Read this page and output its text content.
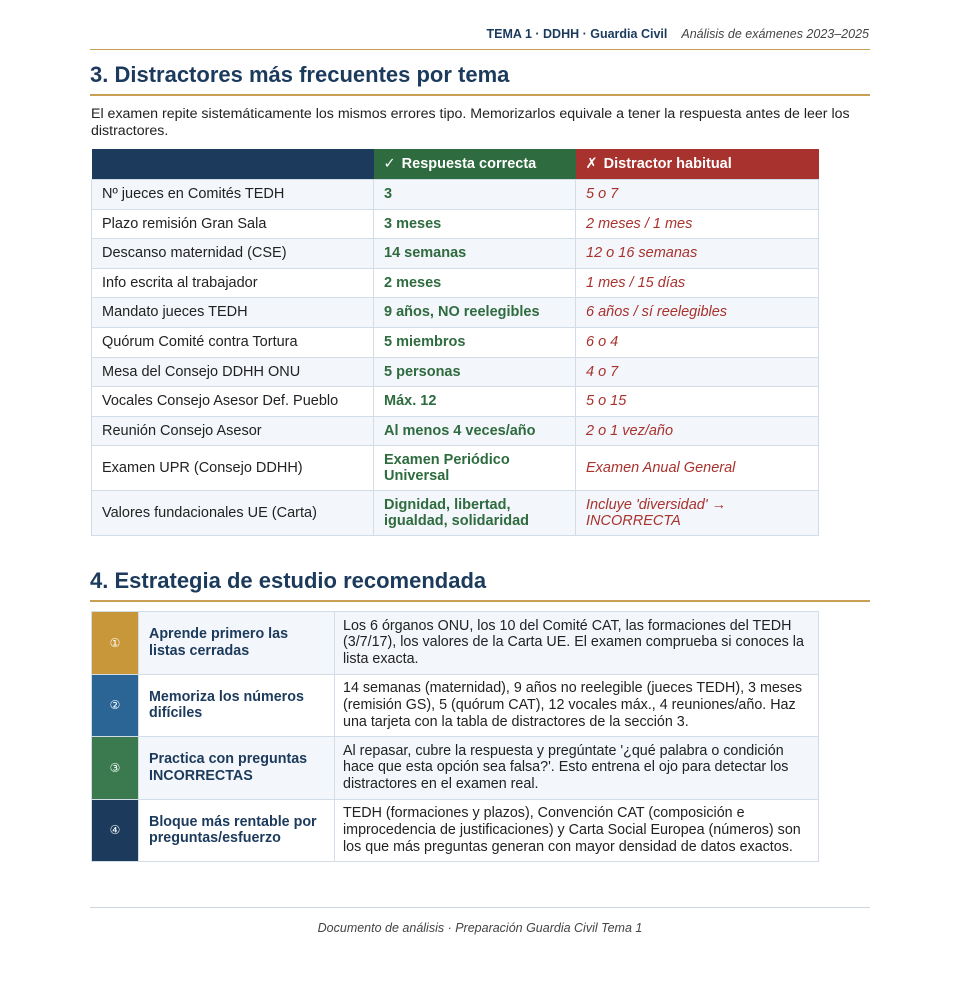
TEMA 1 · DDHH · Guardia Civil Análisis de exámenes 2023–2025
3. Distractores más frecuentes por tema
El examen repite sistemáticamente los mismos errores tipo. Memorizarlos equivale a tener la respuesta antes de leer los distractores.
	✓ Respuesta correcta	✗ Distractor habitual
Nº jueces en Comités TEDH	3	5 o 7
Plazo remisión Gran Sala	3 meses	2 meses / 1 mes
Descanso maternidad (CSE)	14 semanas	12 o 16 semanas
Info escrita al trabajador	2 meses	1 mes / 15 días
Mandato jueces TEDH	9 años, NO reelegibles	6 años / sí reelegibles
Quórum Comité contra Tortura	5 miembros	6 o 4
Mesa del Consejo DDHH ONU	5 personas	4 o 7
Vocales Consejo Asesor Def. Pueblo	Máx. 12	5 o 15
Reunión Consejo Asesor	Al menos 4 veces/año	2 o 1 vez/año
Examen UPR (Consejo DDHH)	Examen Periódico Universal	Examen Anual General
Valores fundacionales UE (Carta)	Dignidad, libertad, igualdad, solidaridad	Incluye 'diversidad' → INCORRECTA
4. Estrategia de estudio recomendada
①	Aprende primero las listas cerradas	Los 6 órganos ONU, los 10 del Comité CAT, las formaciones del TEDH (3/7/17), los valores de la Carta UE. El examen comprueba si conoces la lista exacta.
②	Memoriza los números difíciles	14 semanas (maternidad), 9 años no reelegible (jueces TEDH), 3 meses (remisión GS), 5 (quórum CAT), 12 vocales máx., 4 reuniones/año. Haz una tarjeta con la tabla de distractores de la sección 3.
③	Practica con preguntas INCORRECTAS	Al repasar, cubre la respuesta y pregúntate '¿qué palabra o condición hace que esta opción sea falsa?'. Esto entrena el ojo para detectar los distractores en el examen real.
④	Bloque más rentable por preguntas/esfuerzo	TEDH (formaciones y plazos), Convención CAT (composición e improcedencia de justificaciones) y Carta Social Europea (números) son los que más preguntas generan con mayor densidad de datos exactos.
Documento de análisis · Preparación Guardia Civil Tema 1
